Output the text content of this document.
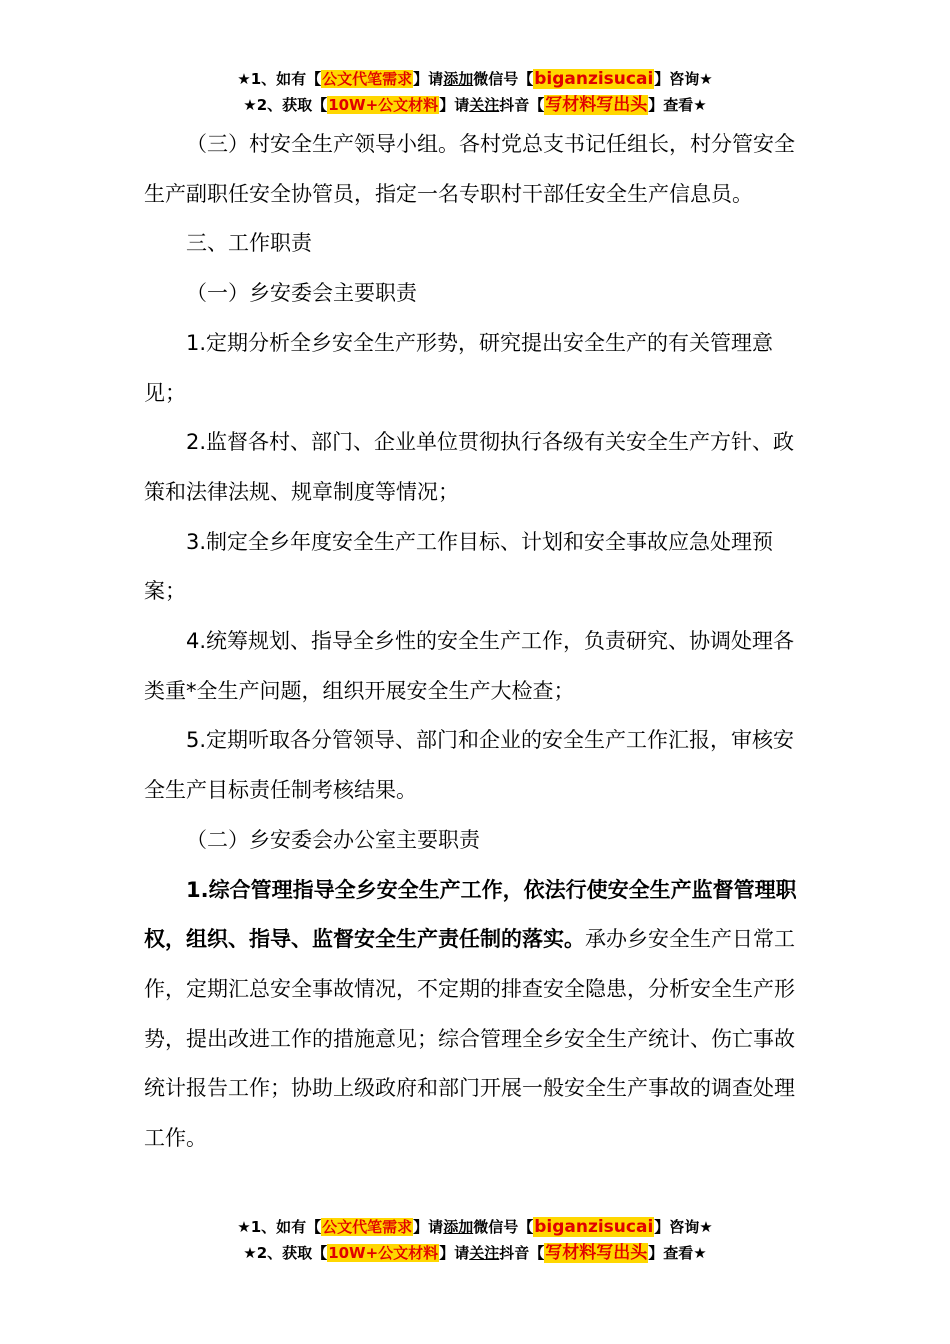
★1、如有【公文代笔需求】请添加微信号【biganzisucai】咨询★
★2、获取【10W+公文材料】请关注抖音【写材料写出头】查看★

（三）村安全生产领导小组。各村党总支书记任组长，村分管安全生产副职任安全协管员，指定一名专职村干部任安全生产信息员。

三、工作职责

（一）乡安委会主要职责

1.定期分析全乡安全生产形势，研究提出安全生产的有关管理意见；

2.监督各村、部门、企业单位贯彻执行各级有关安全生产方针、政策和法律法规、规章制度等情况；

3.制定全乡年度安全生产工作目标、计划和安全事故应急处理预案；

4.统筹规划、指导全乡性的安全生产工作，负责研究、协调处理各类重*全生产问题，组织开展安全生产大检查；

5.定期听取各分管领导、部门和企业的安全生产工作汇报，审核安全生产目标责任制考核结果。

（二）乡安委会办公室主要职责

1.综合管理指导全乡安全生产工作，依法行使安全生产监督管理职权，组织、指导、监督安全生产责任制的落实。承办乡安全生产日常工作，定期汇总安全事故情况，不定期的排查安全隐患，分析安全生产形势，提出改进工作的措施意见；综合管理全乡安全生产统计、伤亡事故统计报告工作；协助上级政府和部门开展一般安全生产事故的调查处理工作。

★1、如有【公文代笔需求】请添加微信号【biganzisucai】咨询★
★2、获取【10W+公文材料】请关注抖音【写材料写出头】查看★
